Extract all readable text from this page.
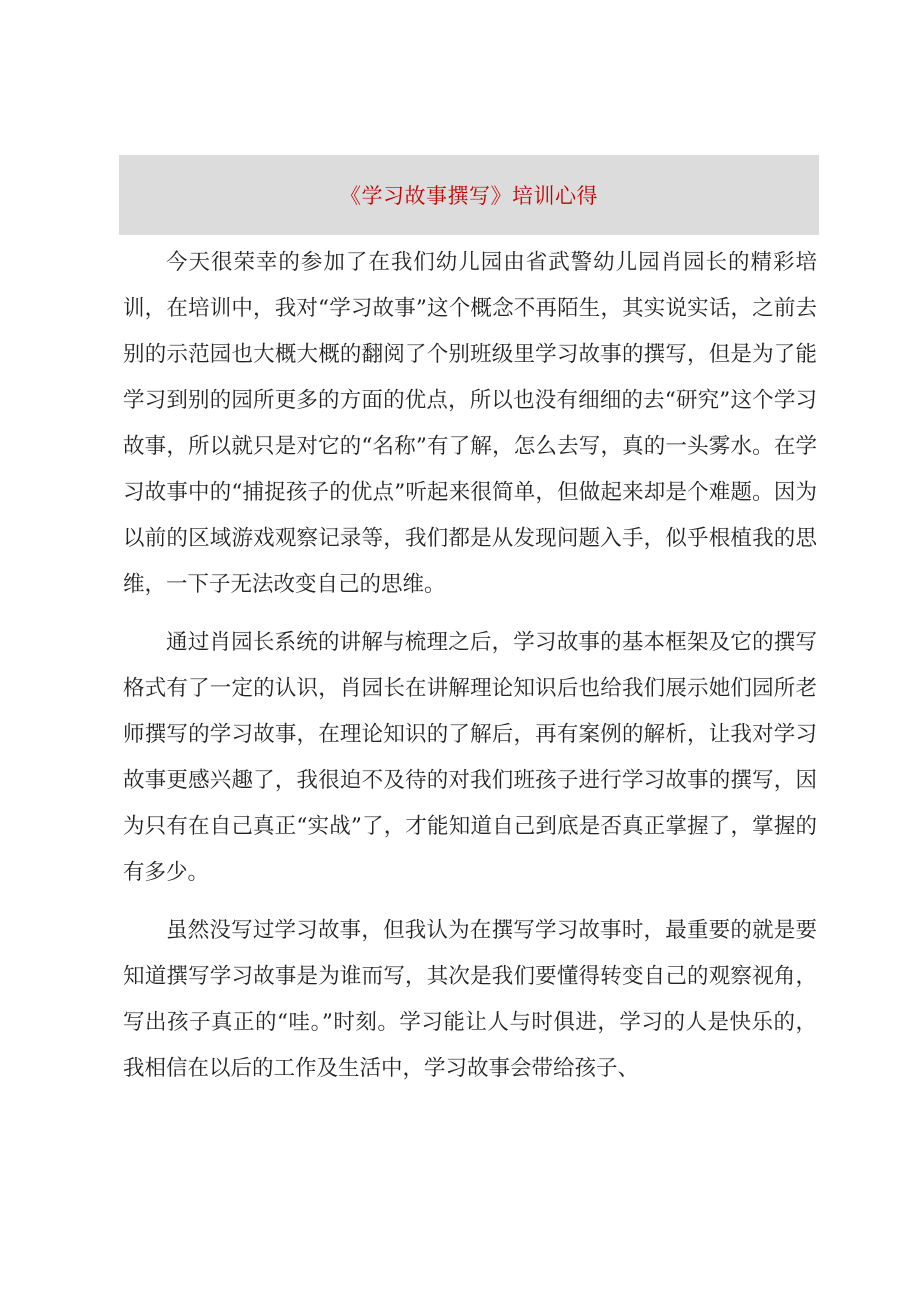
《学习故事撰写》培训心得

今天很荣幸的参加了在我们幼儿园由省武警幼儿园肖园长的精彩培训，在培训中，我对“学习故事”这个概念不再陌生，其实说实话，之前去别的示范园也大概大概的翻阅了个别班级里学习故事的撰写，但是为了能学习到别的园所更多的方面的优点，所以也没有细细的去“研究”这个学习故事，所以就只是对它的“名称”有了解，怎么去写，真的一头雾水。在学习故事中的“捕捉孩子的优点”听起来很简单，但做起来却是个难题。因为以前的区域游戏观察记录等，我们都是从发现问题入手，似乎根植我的思维，一下子无法改变自己的思维。

通过肖园长系统的讲解与梳理之后，学习故事的基本框架及它的撰写格式有了一定的认识，肖园长在讲解理论知识后也给我们展示她们园所老师撰写的学习故事，在理论知识的了解后，再有案例的解析，让我对学习故事更感兴趣了，我很迫不及待的对我们班孩子进行学习故事的撰写，因为只有在自己真正“实战”了，才能知道自己到底是否真正掌握了，掌握的有多少。

虽然没写过学习故事，但我认为在撰写学习故事时，最重要的就是要知道撰写学习故事是为谁而写，其次是我们要懂得转变自己的观察视角，写出孩子真正的“哇。”时刻。学习能让人与时俱进，学习的人是快乐的，我相信在以后的工作及生活中，学习故事会带给孩子、
